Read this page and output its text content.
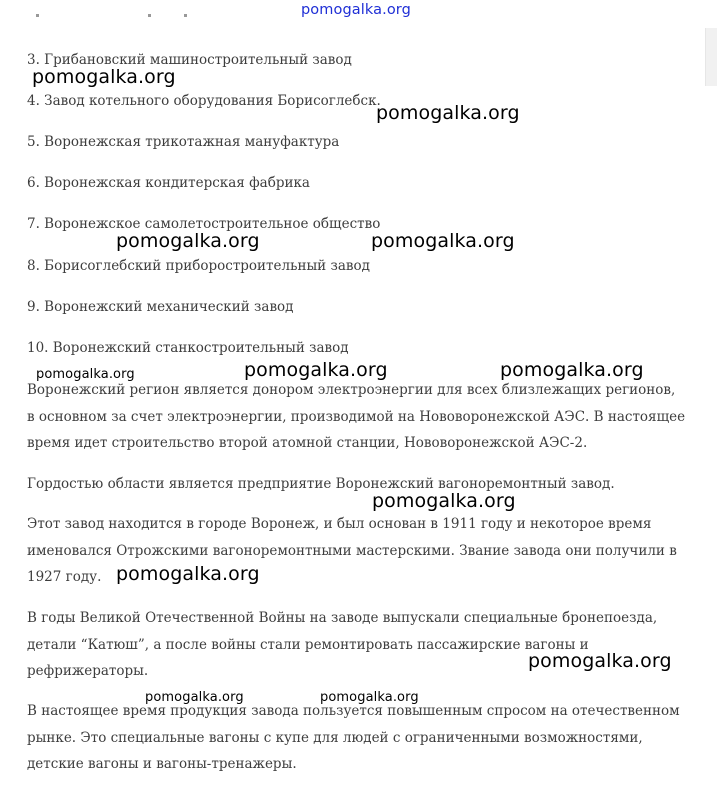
3. Грибановский машиностроительный завод
4. Завод котельного оборудования Борисоглебск.
5. Воронежская трикотажная мануфактура
6. Воронежская кондитерская фабрика
7. Воронежское самолетостроительное общество
8. Борисоглебский приборостроительный завод
9. Воронежский механический завод
10. Воронежский станкостроительный завод
Воронежский регион является донором электроэнергии для всех близлежащих регионов, в основном за счет электроэнергии, производимой на Нововоронежской АЭС. В настоящее время идет строительство второй атомной станции, Нововоронежской АЭС-2.
Гордостью области является предприятие Воронежский вагоноремонтный завод.
Этот завод находится в городе Воронеж, и был основан в 1911 году и некоторое время именовался Отрожскими вагоноремонтными мастерскими. Звание завода они получили в 1927 году.
В годы Великой Отечественной Войны на заводе выпускали специальные бронепоезда, детали “Катюш”, а после войны стали ремонтировать пассажирские вагоны и рефрижераторы.
В настоящее время продукция завода пользуется повышенным спросом на отечественном рынке. Это специальные вагоны с купе для людей с ограниченными возможностями, детские вагоны и вагоны-тренажеры.
pomogalka.org
pomogalka.org
pomogalka.org
pomogalka.org	pomogalka.org
pomogalka.org	pomogalka.org	pomogalka.org
pomogalka.org
pomogalka.org
pomogalka.org
pomogalka.org	pomogalka.org
